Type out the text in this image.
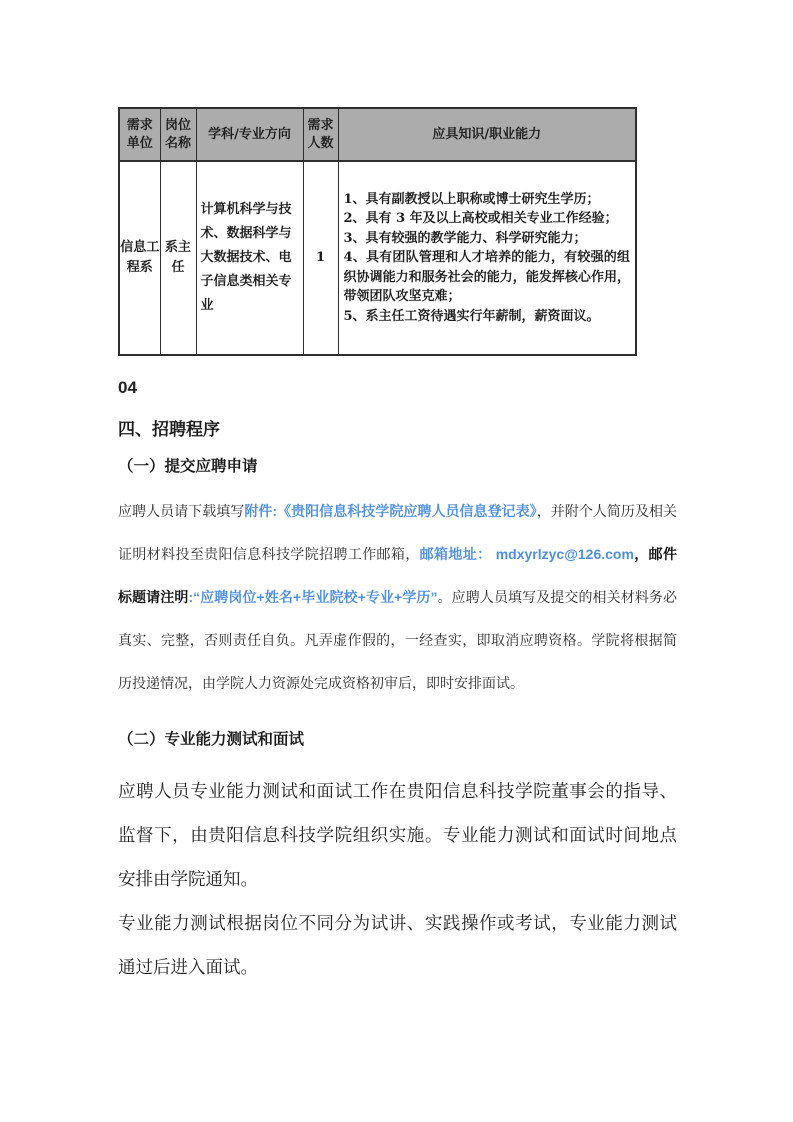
需求单位	岗位名称	学科/专业方向	需求人数	应具知识/职业能力
信息工程系	系主任	计算机科学与技术、数据科学与大数据技术、电子信息类相关专业	1	1、具有副教授以上职称或博士研究生学历；
2、具有 3 年及以上高校或相关专业工作经验；
3、具有较强的教学能力、科学研究能力；
4、具有团队管理和人才培养的能力，有较强的组织协调能力和服务社会的能力，能发挥核心作用，带领团队攻坚克难；
5、系主任工资待遇实行年薪制，薪资面议。
04
四、招聘程序
（一）提交应聘申请

应聘人员请下载填写附件:《贵阳信息科技学院应聘人员信息登记表》，并附个人简历及相关证明材料投至贵阳信息科技学院招聘工作邮箱，邮箱地址： mdxyrlzyc@126.com，邮件标题请注明:“应聘岗位+姓名+毕业院校+专业+学历”。应聘人员填写及提交的相关材料务必真实、完整，否则责任自负。凡弄虚作假的，一经查实，即取消应聘资格。学院将根据简历投递情况，由学院人力资源处完成资格初审后，即时安排面试。

（二）专业能力测试和面试

应聘人员专业能力测试和面试工作在贵阳信息科技学院董事会的指导、监督下，由贵阳信息科技学院组织实施。专业能力测试和面试时间地点安排由学院通知。

专业能力测试根据岗位不同分为试讲、实践操作或考试，专业能力测试通过后进入面试。
